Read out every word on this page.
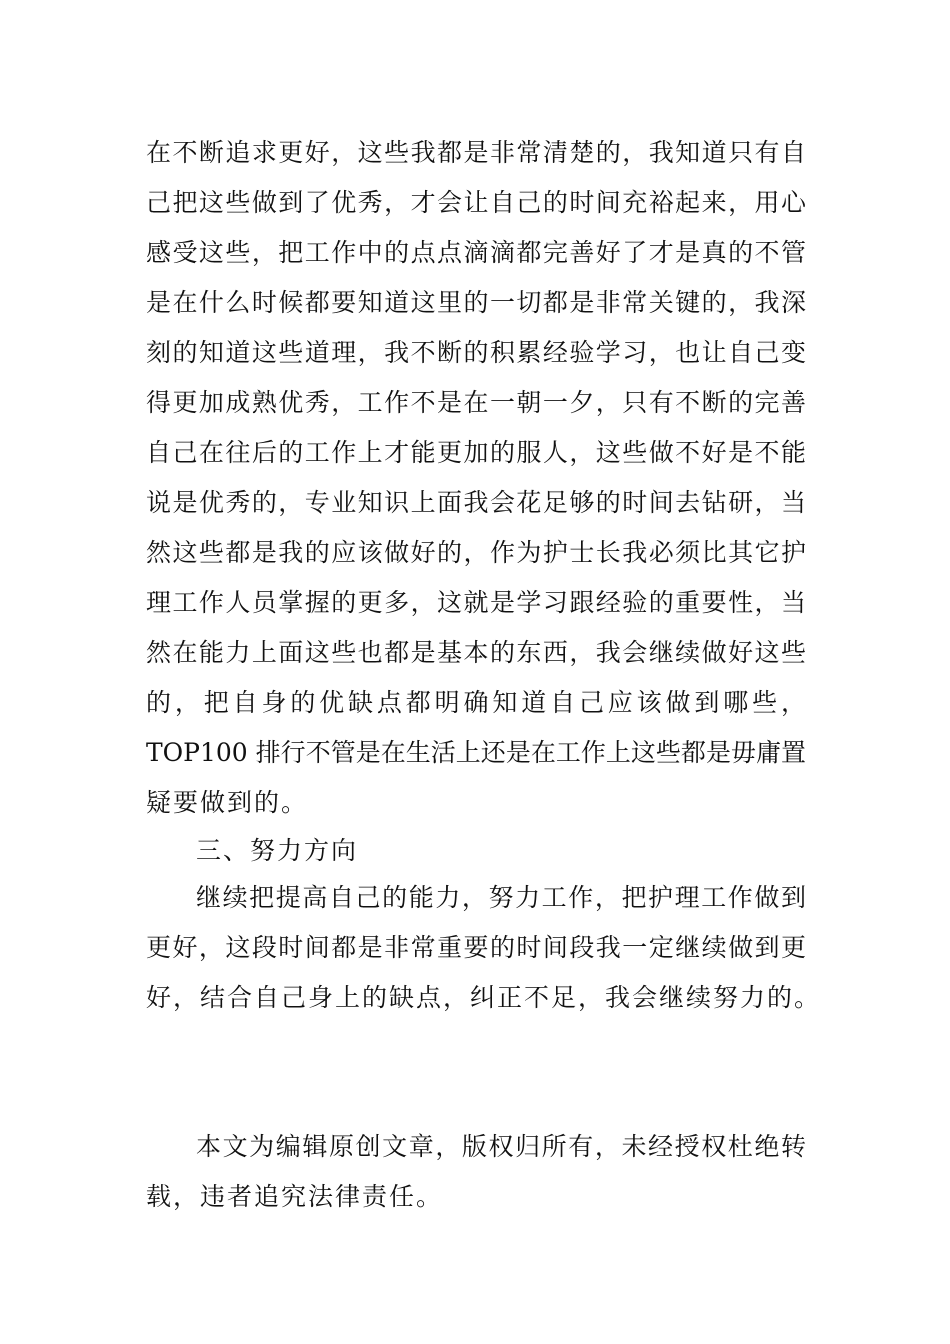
在不断追求更好，这些我都是非常清楚的，我知道只有自
己把这些做到了优秀，才会让自己的时间充裕起来，用心
感受这些，把工作中的点点滴滴都完善好了才是真的不管
是在什么时候都要知道这里的一切都是非常关键的，我深
刻的知道这些道理，我不断的积累经验学习，也让自己变
得更加成熟优秀，工作不是在一朝一夕，只有不断的完善
自己在往后的工作上才能更加的服人，这些做不好是不能
说是优秀的，专业知识上面我会花足够的时间去钻研，当
然这些都是我的应该做好的，作为护士长我必须比其它护
理工作人员掌握的更多，这就是学习跟经验的重要性，当
然在能力上面这些也都是基本的东西，我会继续做好这些
的，把自身的优缺点都明确知道自己应该做到哪些，
TOP100 排行不管是在生活上还是在工作上这些都是毋庸置
疑要做到的。
三、努力方向
继续把提高自己的能力，努力工作，把护理工作做到
更好，这段时间都是非常重要的时间段我一定继续做到更
好，结合自己身上的缺点，纠正不足，我会继续努力的。
本文为编辑原创文章，版权归所有，未经授权杜绝转
载，违者追究法律责任。
